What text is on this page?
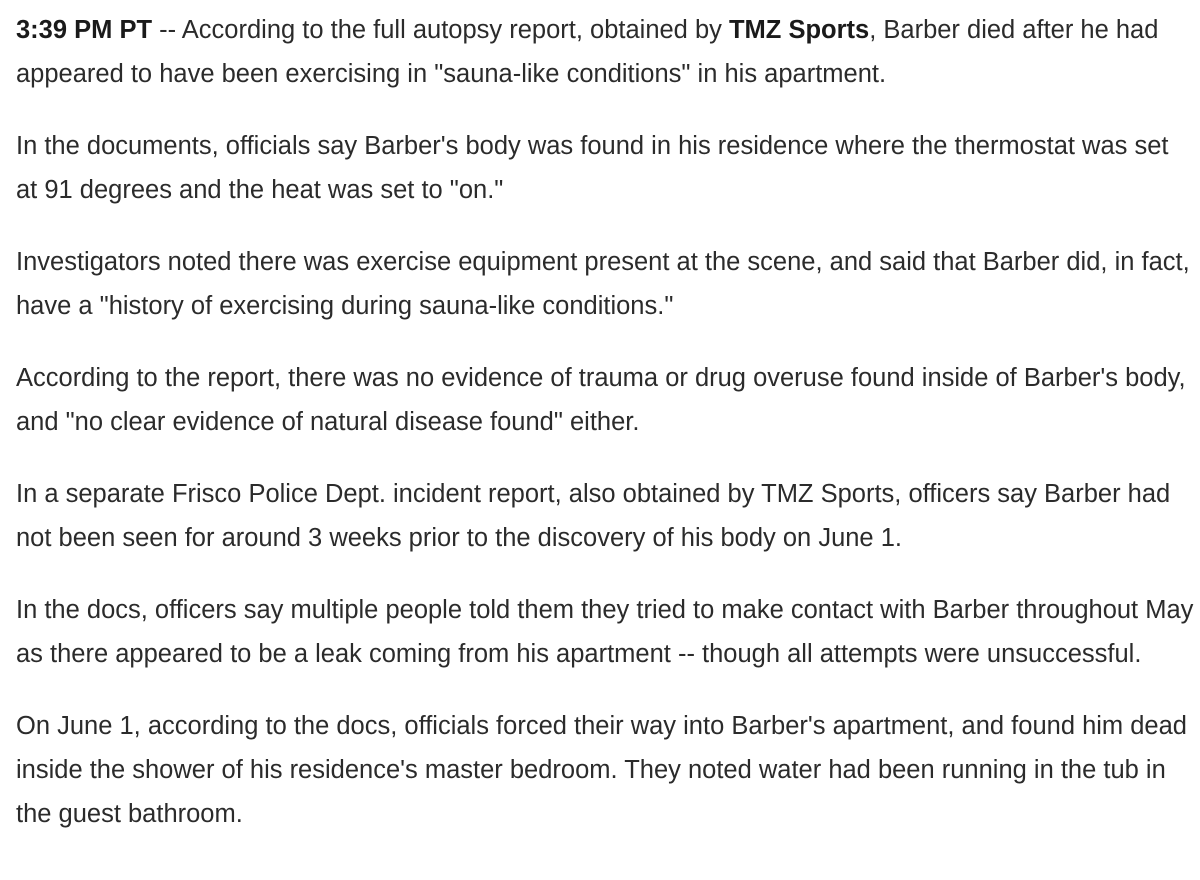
3:39 PM PT -- According to the full autopsy report, obtained by TMZ Sports, Barber died after he had appeared to have been exercising in "sauna-like conditions" in his apartment.

In the documents, officials say Barber's body was found in his residence where the thermostat was set at 91 degrees and the heat was set to "on."

Investigators noted there was exercise equipment present at the scene, and said that Barber did, in fact, have a "history of exercising during sauna-like conditions."

According to the report, there was no evidence of trauma or drug overuse found inside of Barber's body, and "no clear evidence of natural disease found" either.

In a separate Frisco Police Dept. incident report, also obtained by TMZ Sports, officers say Barber had not been seen for around 3 weeks prior to the discovery of his body on June 1.

In the docs, officers say multiple people told them they tried to make contact with Barber throughout May as there appeared to be a leak coming from his apartment -- though all attempts were unsuccessful.

On June 1, according to the docs, officials forced their way into Barber's apartment, and found him dead inside the shower of his residence's master bedroom. They noted water had been running in the tub in the guest bathroom.
